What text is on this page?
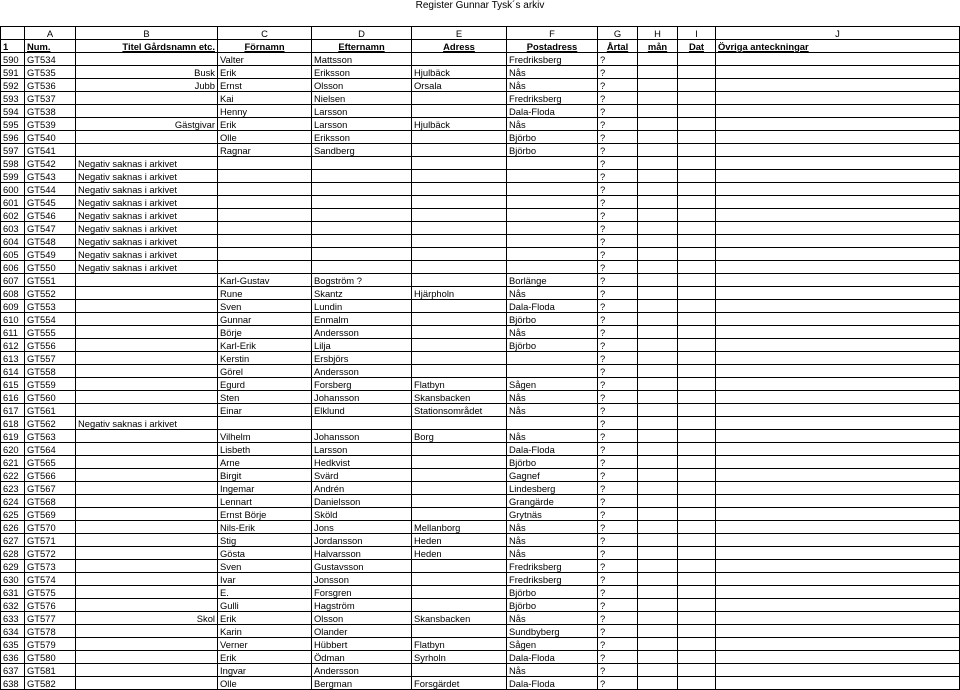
Register Gunnar Tysk´s arkiv
	A	B	C	D	E	F	G	H	I	J
1	Num.	Titel Gårdsnamn etc.	Förnamn	Efternamn	Adress	Postadress	Årtal	mån	Dat	Övriga anteckningar
590	GT534		Valter	Mattsson		Fredriksberg	?			
591	GT535	Busk	Erik	Eriksson	Hjulbäck	Nås	?			
592	GT536	Jubb	Ernst	Olsson	Orsala	Nås	?			
593	GT537		Kai	Nielsen		Fredriksberg	?			
594	GT538		Henny	Larsson		Dala-Floda	?			
595	GT539	Gästgivar	Erik	Larsson	Hjulbäck	Nås	?			
596	GT540		Olle	Eriksson		Björbo	?			
597	GT541		Ragnar	Sandberg		Björbo	?			
598	GT542	Negativ saknas i arkivet					?			
599	GT543	Negativ saknas i arkivet					?			
600	GT544	Negativ saknas i arkivet					?			
601	GT545	Negativ saknas i arkivet					?			
602	GT546	Negativ saknas i arkivet					?			
603	GT547	Negativ saknas i arkivet					?			
604	GT548	Negativ saknas i arkivet					?			
605	GT549	Negativ saknas i arkivet					?			
606	GT550	Negativ saknas i arkivet					?			
607	GT551		Karl-Gustav	Bogström ?		Borlänge	?			
608	GT552		Rune	Skantz	Hjärpholn	Nås	?			
609	GT553		Sven	Lundin		Dala-Floda	?			
610	GT554		Gunnar	Enmalm		Björbo	?			
611	GT555		Börje	Andersson		Nås	?			
612	GT556		Karl-Erik	Lilja		Björbo	?			
613	GT557		Kerstin	Ersbjörs			?			
614	GT558		Görel	Andersson			?			
615	GT559		Egurd	Forsberg	Flatbyn	Sågen	?			
616	GT560		Sten	Johansson	Skansbacken	Nås	?			
617	GT561		Einar	Elklund	Stationsområdet	Nås	?			
618	GT562	Negativ saknas i arkivet					?			
619	GT563		Vilhelm	Johansson	Borg	Nås	?			
620	GT564		Lisbeth	Larsson		Dala-Floda	?			
621	GT565		Arne	Hedkvist		Björbo	?			
622	GT566		Birgit	Svärd		Gagnef	?			
623	GT567		Ingemar	Andrén		Lindesberg	?			
624	GT568		Lennart	Danielsson		Grangärde	?			
625	GT569		Ernst Börje	Sköld		Grytnäs	?			
626	GT570		Nils-Erik	Jons	Mellanborg	Nås	?			
627	GT571		Stig	Jordansson	Heden	Nås	?			
628	GT572		Gösta	Halvarsson	Heden	Nås	?			
629	GT573		Sven	Gustavsson		Fredriksberg	?			
630	GT574		Ivar	Jonsson		Fredriksberg	?			
631	GT575		E.	Forsgren		Björbo	?			
632	GT576		Gulli	Hagström		Björbo	?			
633	GT577	Skol	Erik	Olsson	Skansbacken	Nås	?			
634	GT578		Karin	Olander		Sundbyberg	?			
635	GT579		Verner	Hübbert	Flatbyn	Sågen	?			
636	GT580		Erik	Ödman	Syrholn	Dala-Floda	?			
637	GT581		Ingvar	Andersson		Nås	?			
638	GT582		Olle	Bergman	Forsgärdet	Dala-Floda	?			
